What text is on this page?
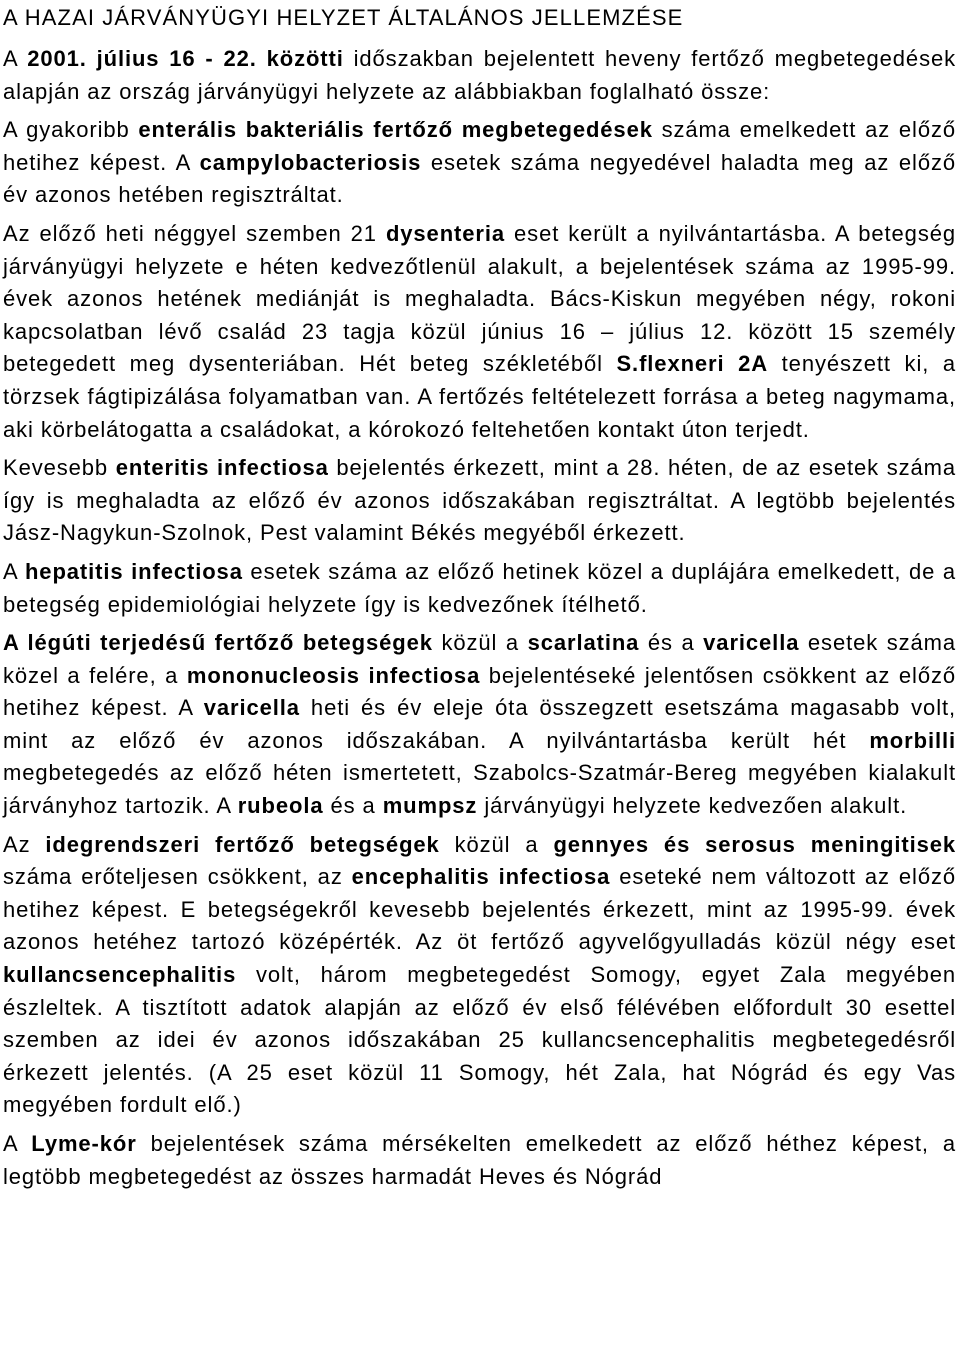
A HAZAI JÁRVÁNYÜGYI HELYZET ÁLTALÁNOS JELLEMZÉSE

A 2001. július 16 - 22. közötti időszakban bejelentett heveny fertőző megbetegedések alapján az ország járványügyi helyzete az alábbiakban foglalható össze:

A gyakoribb enterális bakteriális fertőző megbetegedések száma emelkedett az előző hetihez képest. A campylobacteriosis esetek száma negyedével haladta meg az előző év azonos hetében regisztráltat.

Az előző heti néggyel szemben 21 dysenteria eset került a nyilvántartásba. A betegség járványügyi helyzete e héten kedvezőtlenül alakult, a bejelentések száma az 1995-99. évek azonos hetének mediánját is meghaladta. Bács-Kiskun megyében négy, rokoni kapcsolatban lévő család 23 tagja közül június 16 – július 12. között 15 személy betegedett meg dysenteriában. Hét beteg székletéből S.flexneri 2A tenyészett ki, a törzsek fágtipizálása folyamatban van. A fertőzés feltételezett forrása a beteg nagymama, aki körbelátogatta a családokat, a kórokozó feltehetően kontakt úton terjedt.

Kevesebb enteritis infectiosa bejelentés érkezett, mint a 28. héten, de az esetek száma így is meghaladta az előző év azonos időszakában regisztráltat. A legtöbb bejelentés Jász-Nagykun-Szolnok, Pest valamint Békés megyéből érkezett.

A hepatitis infectiosa esetek száma az előző hetinek közel a duplájára emelkedett, de a betegség epidemiológiai helyzete így is kedvezőnek ítélhető.

A légúti terjedésű fertőző betegségek közül a scarlatina és a varicella esetek száma közel a felére, a mononucleosis infectiosa bejelentéseké jelentősen csökkent az előző hetihez képest. A varicella heti és év eleje óta összegzett esetszáma magasabb volt, mint az előző év azonos időszakában. A nyilvántartásba került hét morbilli megbetegedés az előző héten ismertetett, Szabolcs-Szatmár-Bereg megyében kialakult járványhoz tartozik. A rubeola és a mumpsz járványügyi helyzete kedvezően alakult.

Az idegrendszeri fertőző betegségek közül a gennyes és serosus meningitisek száma erőteljesen csökkent, az encephalitis infectiosa eseteké nem változott az előző hetihez képest. E betegségekről kevesebb bejelentés érkezett, mint az 1995-99. évek azonos hetéhez tartozó középérték. Az öt fertőző agyvelőgyulladás közül négy eset kullancsencephalitis volt, három megbetegedést Somogy, egyet Zala megyében észleltek. A tisztított adatok alapján az előző év első félévében előfordult 30 esettel szemben az idei év azonos időszakában 25 kullancsencephalitis megbetegedésről érkezett jelentés. (A 25 eset közül 11 Somogy, hét Zala, hat Nógrád és egy Vas megyében fordult elő.)

A Lyme-kór bejelentések száma mérsékelten emelkedett az előző héthez képest, a legtöbb megbetegedést az összes harmadát Heves és Nógrád
